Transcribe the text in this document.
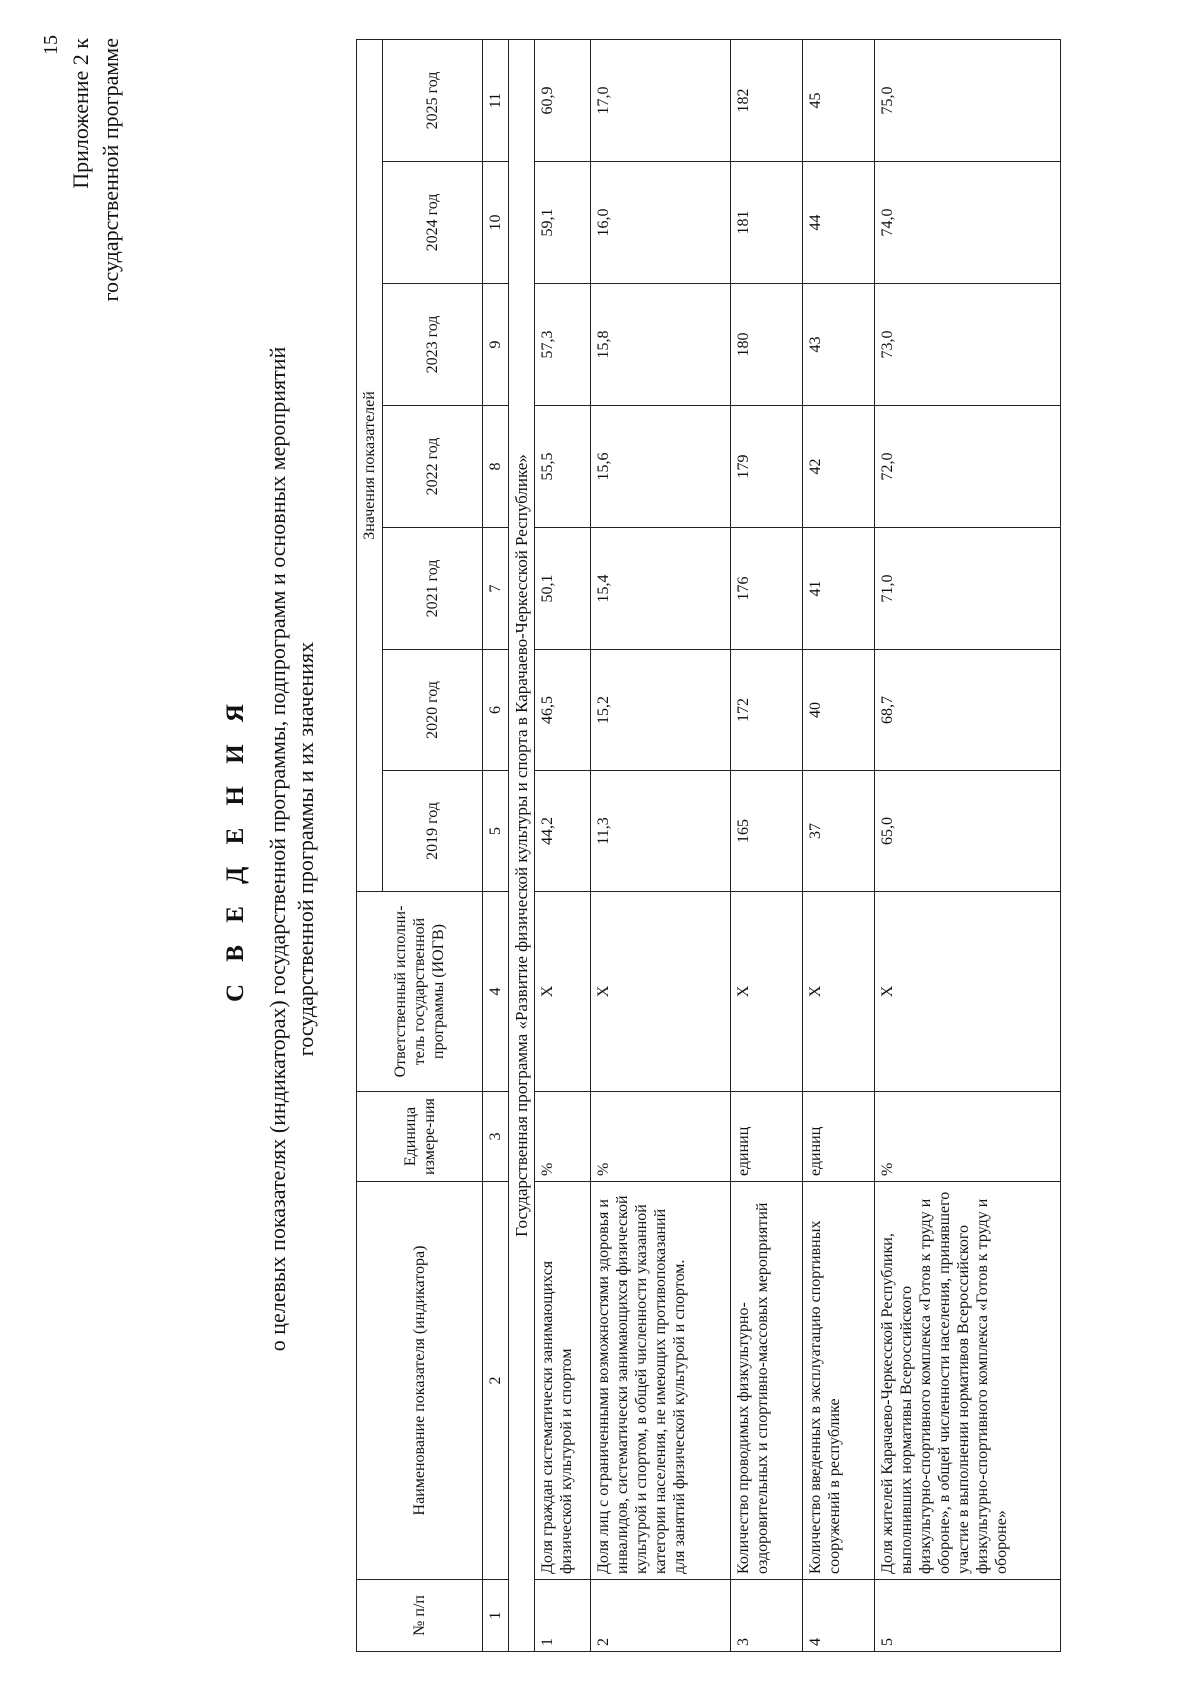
15 Приложение 2 к государственной программе
С В Е Д Е Н И Я о целевых показателях (индикаторах) государственной программы, подпрограмм и основных мероприятий государственной программы и их значениях
№ п/п	Наименование показателя (индикатора)	Единица измере-ния	Ответственный исполни-тель государственной программы (ИОГВ)	Значения показателей						
				2019 год	2020 год	2021 год	2022 год	2023 год	2024 год	2025 год
1	2	3	4	5	6	7	8	9	10	11
Государственная программа «Развитие физической культуры и спорта в Карачаево-Черкесской Республике»										
1	Доля граждан систематически занимающихся физической культурой и спортом	%	Х	44,2	46,5	50,1	55,5	57,3	59,1	60,9
2	Доля лиц с ограниченными возможностями здоровья и инвалидов, систематически занимающихся физической культурой и спортом, в общей численности указанной категории населения, не имеющих противопоказаний для занятий физической культурой и спортом.	%	Х	11,3	15,2	15,4	15,6	15,8	16,0	17,0
3	Количество проводимых физкультурно-оздоровительных и спортивно-массовых мероприятий	единиц	Х	165	172	176	179	180	181	182
4	Количество введенных в эксплуатацию спортивных сооружений в республике	единиц	Х	37	40	41	42	43	44	45
5	Доля жителей Карачаево-Черкесской Республики, выполнивших нормативы Всероссийского физкультурно-спортивного комплекса «Готов к труду и обороне», в общей численности населения, принявшего участие в выполнении нормативов Всероссийского физкультурно-спортивного комплекса «Готов к труду и обороне»	%	Х	65,0	68,7	71,0	72,0	73,0	74,0	75,0
